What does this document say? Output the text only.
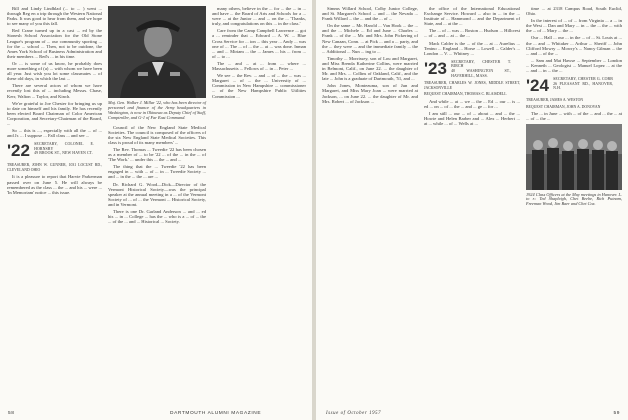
Bill and Lindy Lindblad (... to ... ) went ... through Reg en a trip through the Western National Parks. It was good to hear from them, and we hope to see many of you this fall.

Red Crane turned up in a cast ... ed by the Stonesh School Association for the Old Stone League's program of ... our community sporting ... for the ... school ... Then, not to be outdone, the Ames York School of Business Administration and their members ... Red's ... in his time.

Or ... is some of us know, he probably does more something of (a) ... with whom we have been all year. Just wish you lot some classmates ... of these old days, in which the last ...

There are several actors of whom we have recently lost this of ... including Messrs. Chase, Kerr, Walton ... Taylor, and Kinch.

We're grateful to Joe Chester for bringing us up to date on himself and his family. He has recently been elected Board Chairman of Color American Corporation, and Secretary-Chairman of the Board, ...

So ... this is ..., especially with all the ... of ... and Jr. ... I suppose ... Fall class ... and see ...

'22 SECRETARY, COLONEL E. HORNSBY
49 BROOK ST., NEW HAVEN CT.
TREASURER, JOHN W. GUNNER, 1031 LOCUST RD., CLEVELAND OHIO

It is a pleasure to report that Harvie Parkerman passed over on June 5. He will always be remembered as the class ... the ... and his ... were ... 'In Memoriam' notice ... this issue.

Maj. Gen. Walker J. Millar '22, who has been director of personnel and finance of the Army headquarters in Washington, is now in Okinawa as Deputy Chief of Staff, Comptroller, and G-1 of Far East Command.

Council of the New England State Medical Societies. The council is composed of the officers of the six New England State Medical Societies. This class is proud of its many members' ...

The Rev. Thomas ... Tweedie '22 has been chosen as a member of ... to be '22 ... of the ... in the ... of 'The Work.' ... under this ... the ... and ...

The thing that the ... Tweedie '22 has been engaged in ... with ... of ... in ... Tweedie Society ... and ... in the ... the ... are ...

Dr. Richard G. Wood—Dick—Director of the Vermont Historical Society—was the principal speaker at the annual meeting in a ... of the Vermont Society of ... of ... the Vermont ... Historical Society, and in Vermont.

There is one Dr. Garland Anderson ... and ... ed his ... in ... College ... has the ... who is a ... of ... the ... of the ... and ... Historical ... Society.

many others, believe in the ... for ... the ... in ... and have ... the Board of Arts and Schools for a ... were ... at the Junior ... and ... on the ... 'Thanks, truly, and congratulations on this ... in the class.'

Care from the Camp Campbell Lawrence ... got a ... reminder that ... Edward ... A. W. ... Blue Cross Service for ... ion ... this year ... Andy ... was one of ... The ... of ... the ... at ... was done. Inman ... and ... Miriam ... the ... James ... his ... from ... of ... to ...

The ... and ... at ... from ... where ... Massachusetts ... Fellows of ... in ... Peter ...

We see ... the Rev. ... and ... of ... the ... was ... Margaret ... of ... the ... University of ... Commission in New Hampshire ... commissioner ... of the New Hampshire Public Utilities Commission ...

58	DARTMOUTH ALUMNI MAGAZINE

Simms Willard School, Colby Junior College, and St. Margaret's School ... and ... the Nevada ... Frank Willard ... the ... and the ... of ...

On the same ... Mr. Harold ... Van Hook ... the ... and the ... Michele ... Ed and June ... Charles ... Frank ... of the ... Mr. and Mrs. John Pickering of New Canaan, Conn. ... at Pick ... and a ... party, and the ... they were ... and the immediate family ... the ... Additional ... Nun ... ing to ...

Timothy ... Morrissey, son of Lou and Margaret, and Miss Brenda Katherine Collins, were married in Belmont, Calif., on June 22. ... the daughter of Mr. and Mrs. ... Collins of Oakland, Calif., and the late ... John is a graduate of Dartmouth, '51, and ...

John Jones, Montezuma, son of Jun and Margaret, and Miss Mary Joan ... were married at Jackson, ... on June 22. ... the daughter of Mr. and Mrs. Robert ... of Jackson ...

the office of the International Educational Exchange Service. Howard ... also in ... in the ... Institute of ... Hammond ... and the Department of State, and ... at the ...

The ... of ... was ... Boston ... Hudson ... Hillcrest ... of ... and ... at ... the ...

Mack Calder is the ... of the ... at ... Aurelius ... Tenino ... England ... Horse ... Lowell ... Calder's ... London ... V. ... Whitney ...

'23 SECRETARY, CHESTER T. BIRCH
40 WASHINGTON ST., HAVERHILL, MASS.
TREASURER, CHARLES W. JONES, MIDDLE STREET, JACKSONVILLE
BEQUEST CHAIRMAN, THOMAS C. BLAISDELL

And while ... at ... we ... the ... Ed ... our ... is ... ed ... on ... of ... the ... and ... ge ... for ...

I am still ... our ... of ... about ... and ... the ... Howie and Helen Barber and ... Alex ... Herbert ... at ... while ... of ... Wells at ...

time ... at 2318 Campus Road, South Euclid, Ohio.

In the interest of ... of ... from Virginia ... a ... in the West ... Dan and Mary ... in ... the ... the ... with the ... of ... Mary ... the ...

Our ... Hall ... our ... in the ... of ... St. Louis at ... the ... and ... Whitaker ... Arthur ... Sheriff ... John Clifford Mowry ... Mowry's ... Nancy Gilman ... the ... and ... of the ...

... Sam and Mat Hawse ... September ... London ... Kenneth ... Geologist ... Manuel Lopez ... at the ... and ... in ... the ...

'24 SECRETARY, CHESTER G. COBB
26 PLEASANT RD., HANOVER, N.H.
TREASURER, JAMES A. WESTON
BEQUEST CHAIRMAN, JOHN A. DONOVAN

The ... in June ... with ... of the ... and ... the ... at ... of ... the ...

1924 Class Officers at the May meetings in Hanover. L. to r.: Ted Shapleigh, Chet Beebe, Rich Putnam, Freeman Wood, Jim Baer and Chet Cox.
Issue of October 1957	59
